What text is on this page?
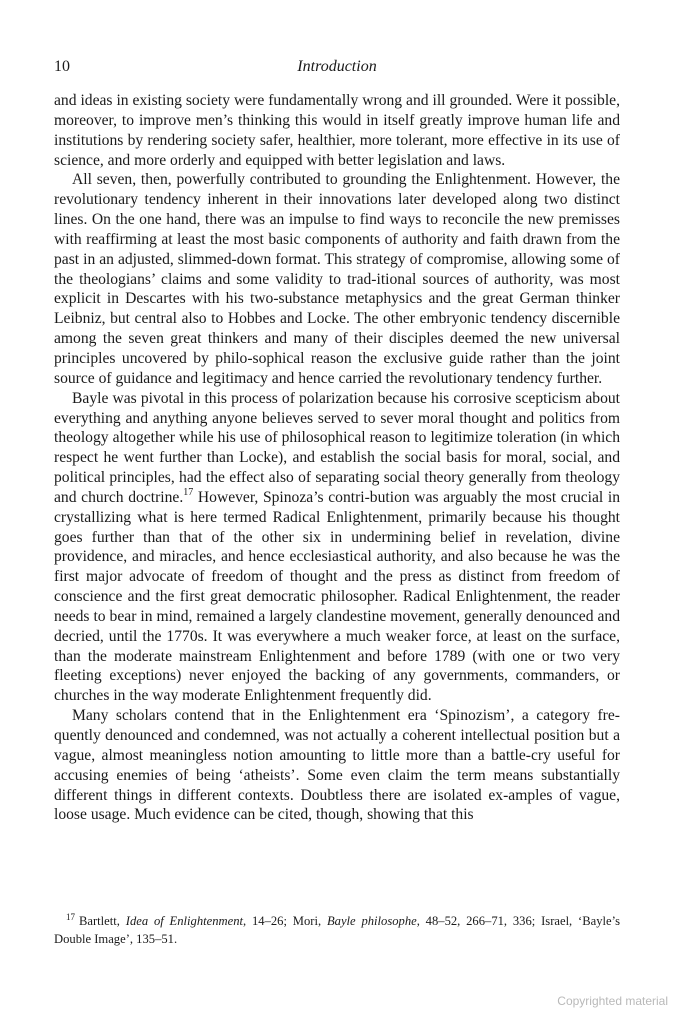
10	Introduction

and ideas in existing society were fundamentally wrong and ill grounded. Were it possible, moreover, to improve men’s thinking this would in itself greatly improve human life and institutions by rendering society safer, healthier, more tolerant, more effective in its use of science, and more orderly and equipped with better legislation and laws.

All seven, then, powerfully contributed to grounding the Enlightenment. However, the revolutionary tendency inherent in their innovations later developed along two distinct lines. On the one hand, there was an impulse to find ways to reconcile the new premisses with reaffirming at least the most basic components of authority and faith drawn from the past in an adjusted, slimmed-down format. This strategy of compromise, allowing some of the theologians’ claims and some validity to trad-itional sources of authority, was most explicit in Descartes with his two-substance metaphysics and the great German thinker Leibniz, but central also to Hobbes and Locke. The other embryonic tendency discernible among the seven great thinkers and many of their disciples deemed the new universal principles uncovered by philo-sophical reason the exclusive guide rather than the joint source of guidance and legitimacy and hence carried the revolutionary tendency further.

Bayle was pivotal in this process of polarization because his corrosive scepticism about everything and anything anyone believes served to sever moral thought and politics from theology altogether while his use of philosophical reason to legitimize toleration (in which respect he went further than Locke), and establish the social basis for moral, social, and political principles, had the effect also of separating social theory generally from theology and church doctrine.$^{17}$ However, Spinoza’s contri-bution was arguably the most crucial in crystallizing what is here termed Radical Enlightenment, primarily because his thought goes further than that of the other six in undermining belief in revelation, divine providence, and miracles, and hence ecclesiastical authority, and also because he was the first major advocate of freedom of thought and the press as distinct from freedom of conscience and the first great democratic philosopher. Radical Enlightenment, the reader needs to bear in mind, remained a largely clandestine movement, generally denounced and decried, until the 1770s. It was everywhere a much weaker force, at least on the surface, than the moderate mainstream Enlightenment and before 1789 (with one or two very fleeting exceptions) never enjoyed the backing of any governments, commanders, or churches in the way moderate Enlightenment frequently did.

Many scholars contend that in the Enlightenment era ‘Spinozism’, a category fre-quently denounced and condemned, was not actually a coherent intellectual position but a vague, almost meaningless notion amounting to little more than a battle-cry useful for accusing enemies of being ‘atheists’. Some even claim the term means substantially different things in different contexts. Doubtless there are isolated ex-amples of vague, loose usage. Much evidence can be cited, though, showing that this

$^{17}$ Bartlett, Idea of Enlightenment, 14–26; Mori, Bayle philosophe, 48–52, 266–71, 336; Israel, ‘Bayle’s Double Image’, 135–51.
Copyrighted material
